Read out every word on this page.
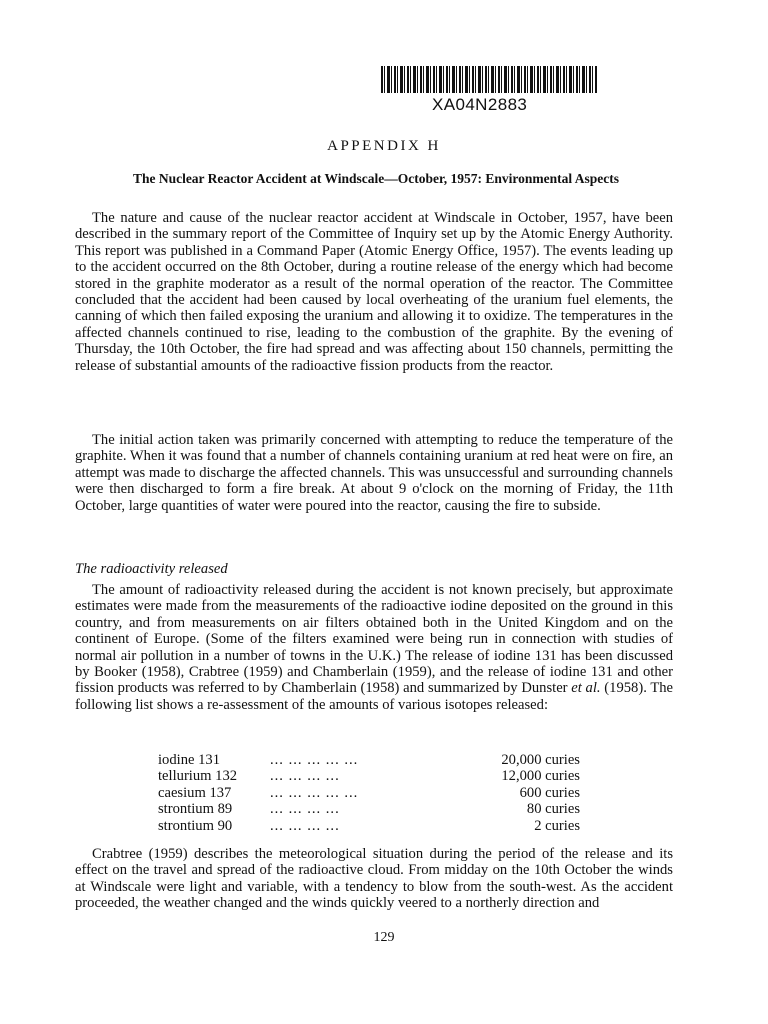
XA04N2883
APPENDIX H
The Nuclear Reactor Accident at Windscale—October, 1957: Environmental Aspects

The nature and cause of the nuclear reactor accident at Windscale in October, 1957, have been described in the summary report of the Committee of Inquiry set up by the Atomic Energy Authority. This report was published in a Command Paper (Atomic Energy Office, 1957). The events leading up to the accident occurred on the 8th October, during a routine release of the energy which had become stored in the graphite moderator as a result of the normal operation of the reactor. The Committee concluded that the accident had been caused by local overheating of the uranium fuel elements, the canning of which then failed exposing the uranium and allowing it to oxidize. The temperatures in the affected channels continued to rise, leading to the combustion of the graphite. By the evening of Thursday, the 10th October, the fire had spread and was affecting about 150 channels, permitting the release of substantial amounts of the radioactive fission products from the reactor.

The initial action taken was primarily concerned with attempting to reduce the temperature of the graphite. When it was found that a number of channels containing uranium at red heat were on fire, an attempt was made to discharge the affected channels. This was unsuccessful and surrounding channels were then discharged to form a fire break. At about 9 o'clock on the morning of Friday, the 11th October, large quantities of water were poured into the reactor, causing the fire to subside.

The radioactivity released

The amount of radioactivity released during the accident is not known precisely, but approximate estimates were made from the measurements of the radioactive iodine deposited on the ground in this country, and from measurements on air filters obtained both in the United Kingdom and on the continent of Europe. (Some of the filters examined were being run in connection with studies of normal air pollution in a number of towns in the U.K.) The release of iodine 131 has been discussed by Booker (1958), Crabtree (1959) and Chamberlain (1959), and the release of iodine 131 and other fission products was referred to by Chamberlain (1958) and summarized by Dunster et al. (1958). The following list shows a re-assessment of the amounts of various isotopes released:

iodine 131	... ... ... ... ...	20,000 curies
tellurium 132	... ... ... ...	12,000 curies
caesium 137	... ... ... ... ...	600 curies
strontium 89	... ... ... ...	80 curies
strontium 90	... ... ... ...	2 curies

Crabtree (1959) describes the meteorological situation during the period of the release and its effect on the travel and spread of the radioactive cloud. From midday on the 10th October the winds at Windscale were light and variable, with a tendency to blow from the south-west. As the accident proceeded, the weather changed and the winds quickly veered to a northerly direction and

129
